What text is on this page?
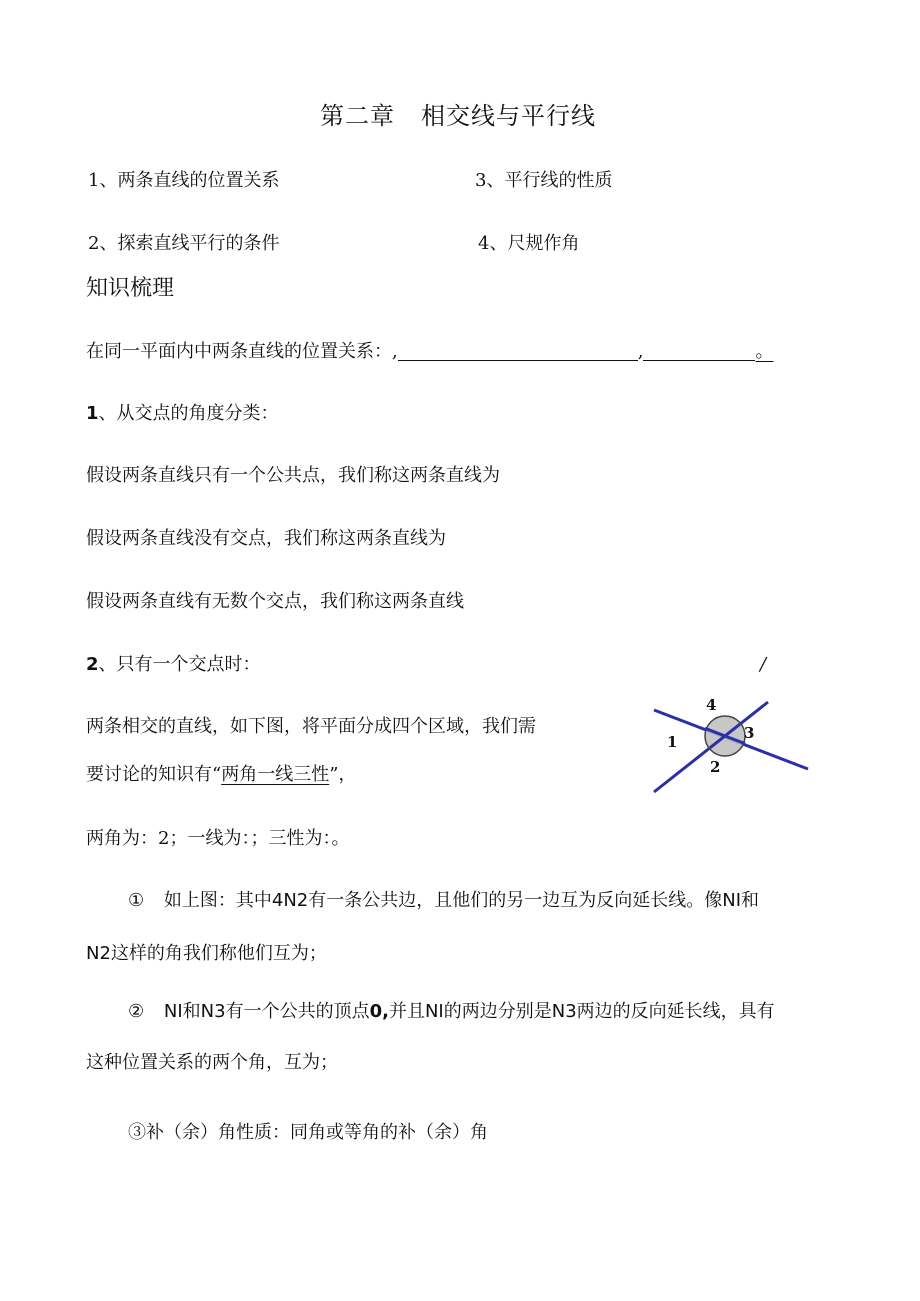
第二章 相交线与平行线
1、两条直线的位置关系	3、平行线的性质
2、探索直线平行的条件	4、尺规作角
知识梳理
在同一平面内中两条直线的位置关系：,	,	。
1、从交点的角度分类：
假设两条直线只有一个公共点，我们称这两条直线为
假设两条直线没有交点，我们称这两条直线为
假设两条直线有无数个交点，我们称这两条直线
2、只有一个交点时：	/
两条相交的直线，如下图，将平面分成四个区域，我们需
要讨论的知识有“两角一线三性”，
1
2
3
4
两角为：2；一线为：；三性为：。
① 如上图：其中4N2有一条公共边，且他们的另一边互为反向延长线。像NI和
N2这样的角我们称他们互为；
② NI和N3有一个公共的顶点0,并且NI的两边分别是N3两边的反向延长线，具有
这种位置关系的两个角，互为；
③补（余）角性质：同角或等角的补（余）角
